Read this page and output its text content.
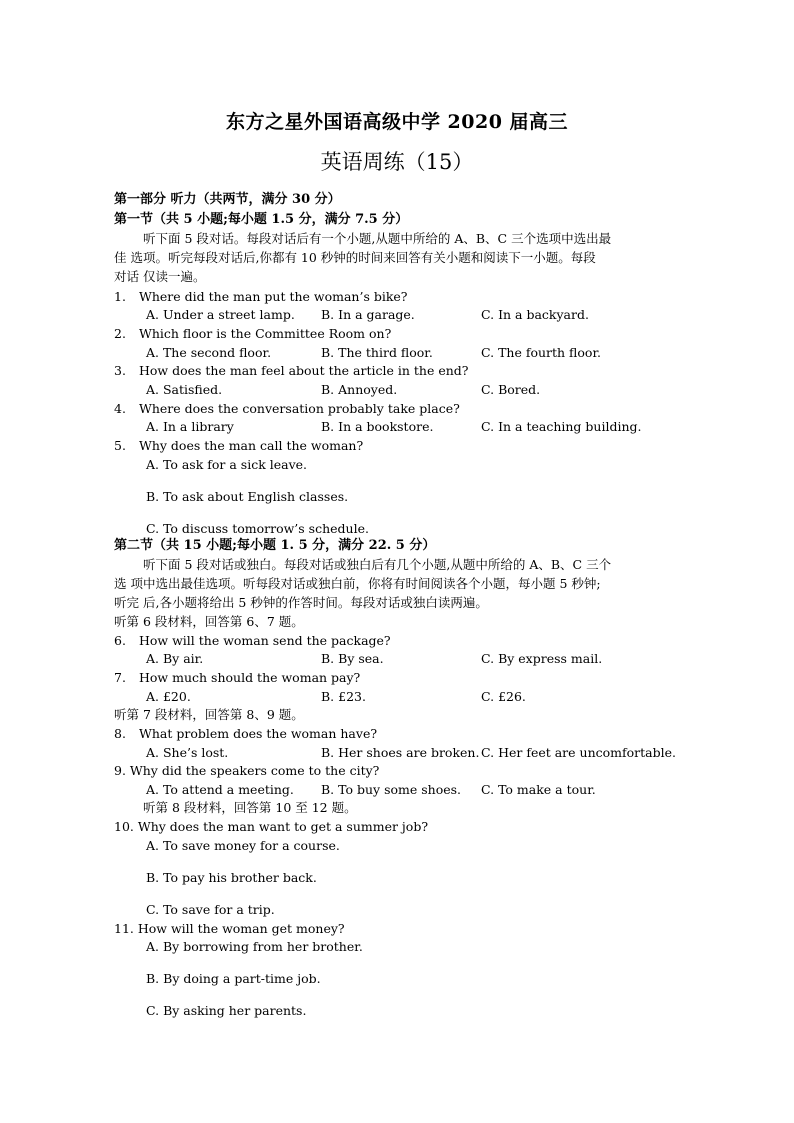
东方之星外国语高级中学 2020 届高三
英语周练（15）
第一部分 听力（共两节，满分 30 分）
第一节（共 5 小题;每小题 1.5 分，满分 7.5 分）
听下面 5 段对话。每段对话后有一个小题,从题中所给的 A、B、C 三个选项中选出最
佳 选项。听完每段对话后,你都有 10 秒钟的时间来回答有关小题和阅读下一小题。每段
对话 仅读一遍。
1. Where did the man put the woman’s bike?
A. Under a street lamp. B. In a garage.	C. In a backyard.
2. Which floor is the Committee Room on?
A. The second floor.	B. The third floor.	C. The fourth floor.
3. How does the man feel about the article in the end?
A. Satisfied.	B. Annoyed.	C. Bored.
4. Where does the conversation probably take place?
A. In a library	B. In a bookstore.	C. In a teaching building.
5. Why does the man call the woman?
A. To ask for a sick leave.
B. To ask about English classes.
C. To discuss tomorrow’s schedule.
第二节（共 15 小题;每小题 1. 5 分，满分 22. 5 分）
听下面 5 段对话或独白。每段对话或独白后有几个小题,从题中所给的 A、B、C 三个
选 项中选出最佳选项。听每段对话或独白前，你将有时间阅读各个小题，每小题 5 秒钟;
听完 后,各小题将给出 5 秒钟的作答时间。每段对话或独白读两遍。
听第 6 段材料，回答第 6、7 题。
6. How will the woman send the package?
A. By air.	B. By sea.	C. By express mail.
7. How much should the woman pay?
A. £20.	B. £23.	C. £26.
听第 7 段材料，回答第 8、9 题。
8. What problem does the woman have?
A. She’s lost.	B. Her shoes are broken. C. Her feet are uncomfortable.
9. Why did the speakers come to the city?
A. To attend a meeting. B. To buy some shoes. C. To make a tour.
听第 8 段材料，回答第 10 至 12 题。
10. Why does the man want to get a summer job?
A. To save money for a course.
B. To pay his brother back.
C. To save for a trip.
11. How will the woman get money?
A. By borrowing from her brother.
B. By doing a part-time job.
C. By asking her parents.
